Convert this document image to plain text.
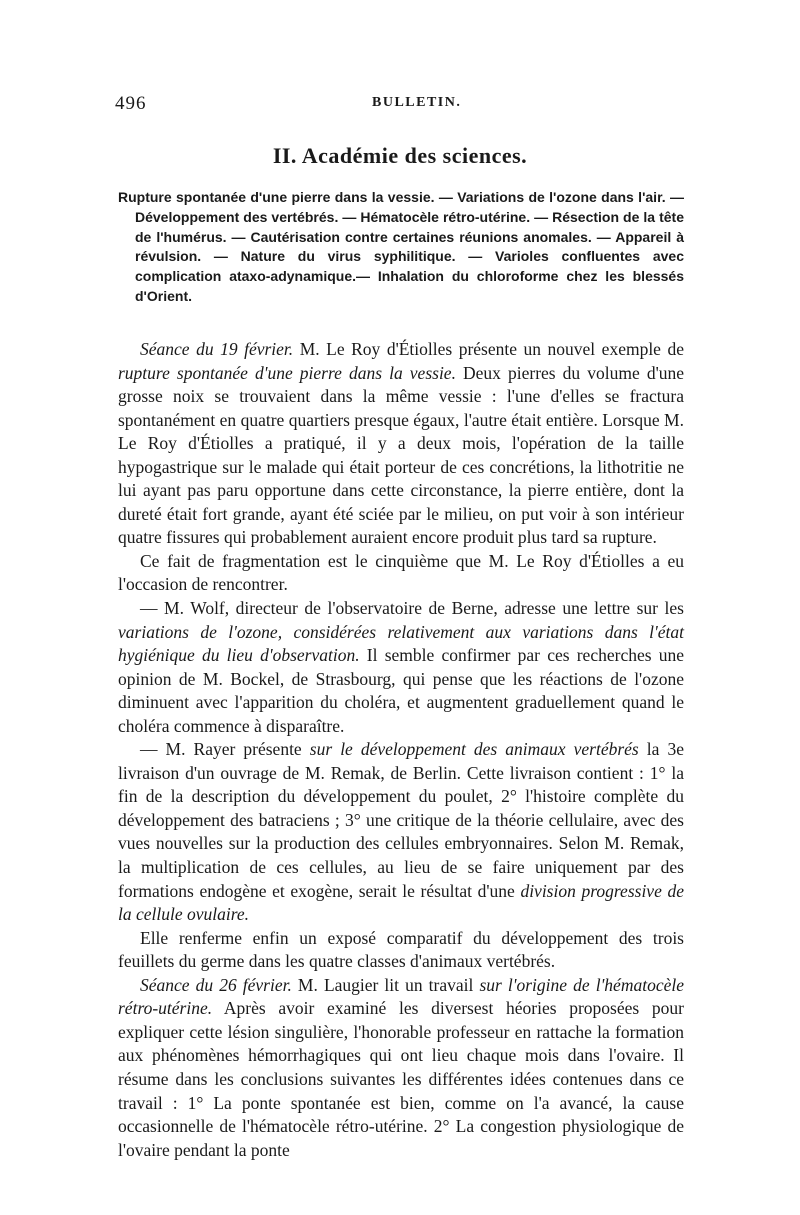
496	BULLETIN.
II. Académie des sciences.
Rupture spontanée d'une pierre dans la vessie. — Variations de l'ozone dans l'air. — Développement des vertébrés. — Hématocèle rétro-utérine. — Résection de la tête de l'humérus. — Cautérisation contre certaines réunions anomales. — Appareil à révulsion. — Nature du virus syphilitique. — Varioles confluentes avec complication ataxo-adynamique.— Inhalation du chloroforme chez les blessés d'Orient.

Séance du 19 février. M. Le Roy d'Étiolles présente un nouvel exemple de rupture spontanée d'une pierre dans la vessie. Deux pierres du volume d'une grosse noix se trouvaient dans la même vessie : l'une d'elles se fractura spontanément en quatre quartiers presque égaux, l'autre était entière. Lorsque M. Le Roy d'Étiolles a pratiqué, il y a deux mois, l'opération de la taille hypogastrique sur le malade qui était porteur de ces concrétions, la lithotritie ne lui ayant pas paru opportune dans cette circonstance, la pierre entière, dont la dureté était fort grande, ayant été sciée par le milieu, on put voir à son intérieur quatre fissures qui probablement auraient encore produit plus tard sa rupture.

Ce fait de fragmentation est le cinquième que M. Le Roy d'Étiolles a eu l'occasion de rencontrer.

— M. Wolf, directeur de l'observatoire de Berne, adresse une lettre sur les variations de l'ozone, considérées relativement aux variations dans l'état hygiénique du lieu d'observation. Il semble confirmer par ces recherches une opinion de M. Bockel, de Strasbourg, qui pense que les réactions de l'ozone diminuent avec l'apparition du choléra, et augmentent graduellement quand le choléra commence à disparaître.

— M. Rayer présente sur le développement des animaux vertébrés la 3e livraison d'un ouvrage de M. Remak, de Berlin. Cette livraison contient : 1° la fin de la description du développement du poulet, 2° l'histoire complète du développement des batraciens ; 3° une critique de la théorie cellulaire, avec des vues nouvelles sur la production des cellules embryonnaires. Selon M. Remak, la multiplication de ces cellules, au lieu de se faire uniquement par des formations endogène et exogène, serait le résultat d'une division progressive de la cellule ovulaire.

Elle renferme enfin un exposé comparatif du développement des trois feuillets du germe dans les quatre classes d'animaux vertébrés.

Séance du 26 février. M. Laugier lit un travail sur l'origine de l'hématocèle rétro-utérine. Après avoir examiné les diversest héories proposées pour expliquer cette lésion singulière, l'honorable professeur en rattache la formation aux phénomènes hémorrhagiques qui ont lieu chaque mois dans l'ovaire. Il résume dans les conclusions suivantes les différentes idées contenues dans ce travail : 1° La ponte spontanée est bien, comme on l'a avancé, la cause occasionnelle de l'hématocèle rétro-utérine. 2° La congestion physiologique de l'ovaire pendant la ponte
